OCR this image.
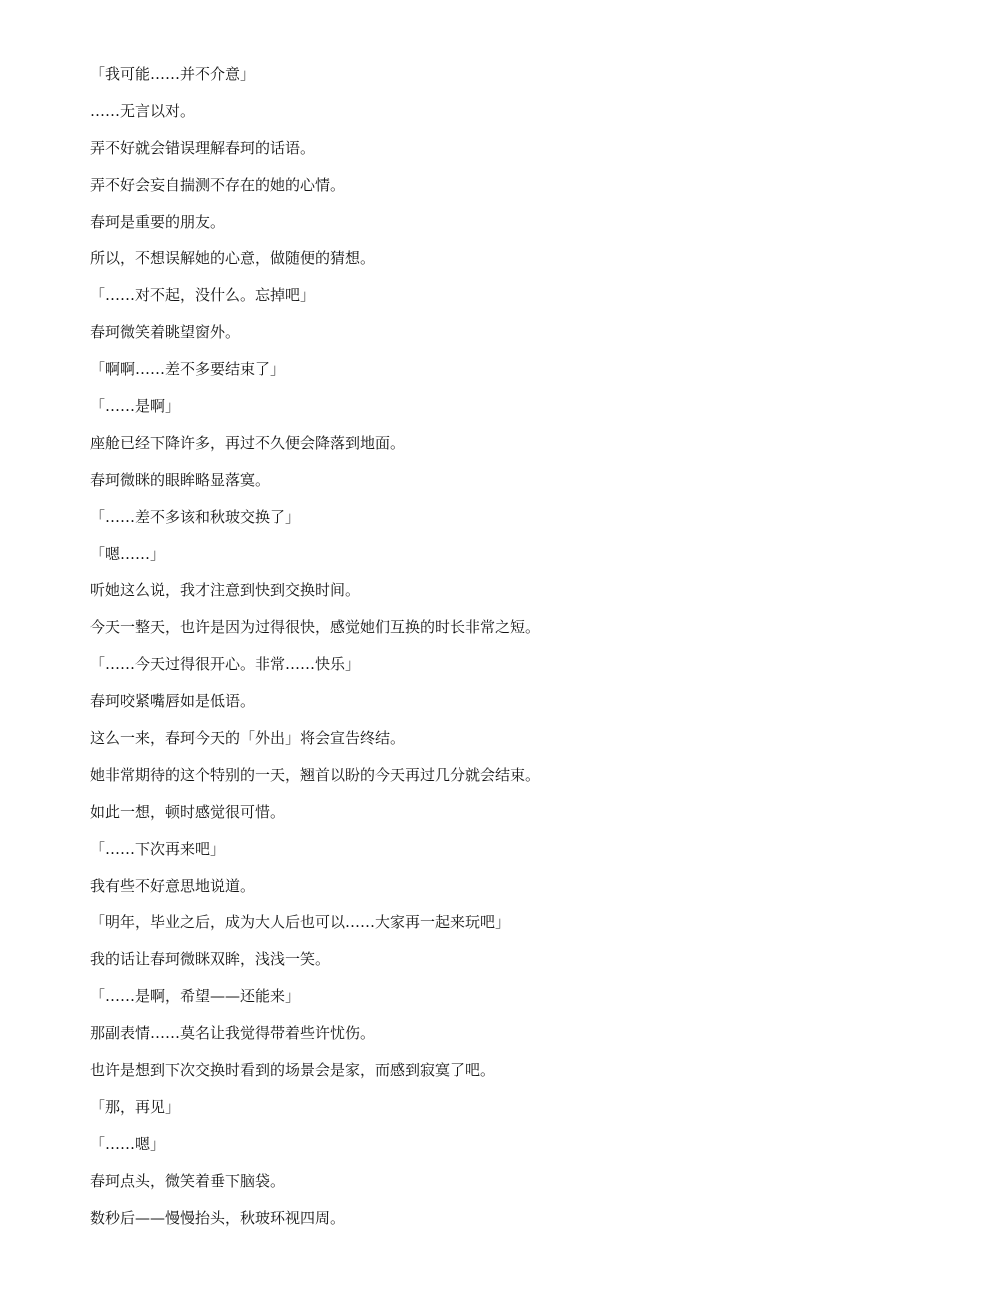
「我可能……并不介意」

……无言以对。

弄不好就会错误理解春珂的话语。

弄不好会妄自揣测不存在的她的心情。

春珂是重要的朋友。

所以，不想误解她的心意，做随便的猜想。

「……对不起，没什么。忘掉吧」

春珂微笑着眺望窗外。

「啊啊……差不多要结束了」

「……是啊」

座舱已经下降许多，再过不久便会降落到地面。

春珂微眯的眼眸略显落寞。

「……差不多该和秋玻交换了」

「嗯……」

听她这么说，我才注意到快到交换时间。

今天一整天，也许是因为过得很快，感觉她们互换的时长非常之短。

「……今天过得很开心。非常……快乐」

春珂咬紧嘴唇如是低语。

这么一来，春珂今天的「外出」将会宣告终结。

她非常期待的这个特别的一天，翘首以盼的今天再过几分就会结束。

如此一想，顿时感觉很可惜。

「……下次再来吧」

我有些不好意思地说道。

「明年，毕业之后，成为大人后也可以……大家再一起来玩吧」

我的话让春珂微眯双眸，浅浅一笑。

「……是啊，希望——还能来」

那副表情……莫名让我觉得带着些许忧伤。

也许是想到下次交换时看到的场景会是家，而感到寂寞了吧。

「那，再见」

「……嗯」

春珂点头，微笑着垂下脑袋。

数秒后——慢慢抬头，秋玻环视四周。
